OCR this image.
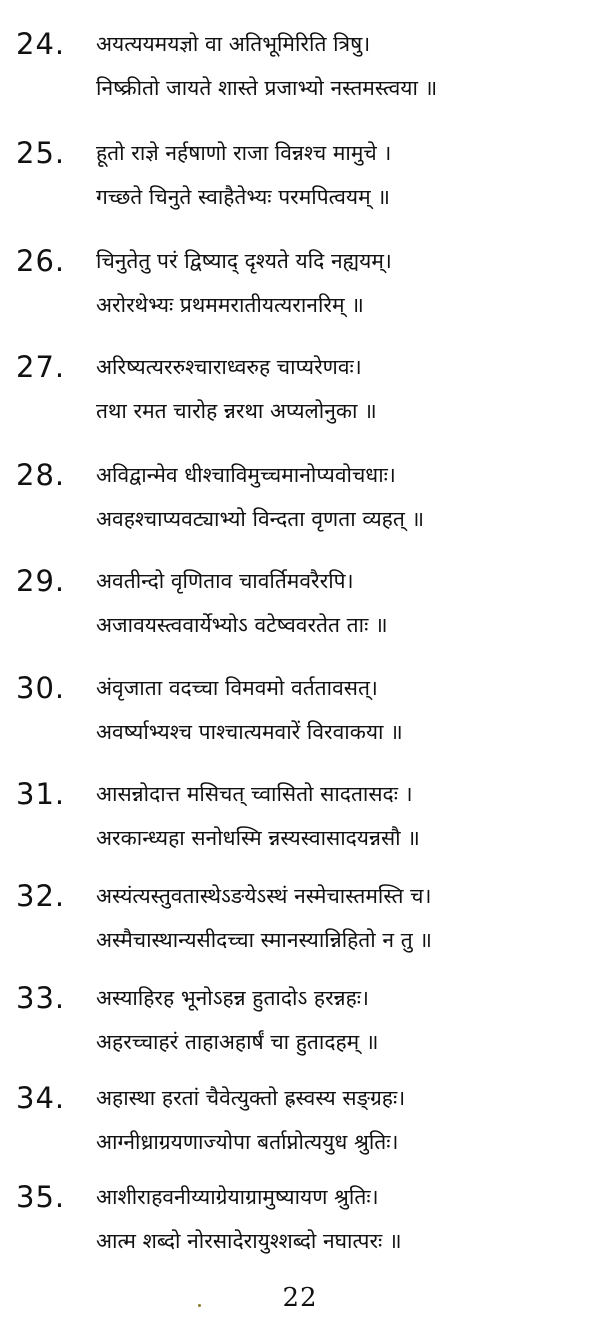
24. अयत्ययमयज्ञो वा अतिभूमिरिति त्रिषु।
निष्क्रीतो जायते शास्ते प्रजाभ्यो नस्तमस्त्वया ॥
25. हूतो राज्ञे नर्हषाणो राजा विन्नश्च मामुचे ।
गच्छते चिनुते स्वाहैतेभ्यः परमपित्वयम् ॥
26. चिनुतेतु परं द्विष्याद् दृश्यते यदि नह्ययम्।
अरोरथेभ्यः प्रथममरातीयत्यरानरिम् ॥
27. अरिष्यत्यररुश्चाराध्वरुह चाप्यरेणवः।
तथा रमत चारोह न्नरथा अप्यलोनुका ॥
28. अविद्वान्मेव धीश्चाविमुच्चमानोप्यवोचधाः।
अवहश्चाप्यवट्याभ्यो विन्दता वृणता व्यहत् ॥
29. अवतीन्दो वृणिताव चावर्तिमवरैरपि।
अजावयस्त्ववार्येभ्योऽ वटेष्ववरतेत ताः ॥
30. अंवृजाता वदच्चा विमवमो वर्ततावसत्।
अवर्ष्याभ्यश्च पाश्चात्यमवारें विरवाकया ॥
31. आसन्नोदात्त मसिचत् च्वासितो सादतासदः ।
अरकान्ध्यहा सनोधस्मि न्नस्यस्वासादयन्नसौ ॥
32. अस्यंत्यस्तुवतास्थेऽङयेऽस्थं नस्मेचास्तमस्ति च।
अस्मैचास्थान्यसीदच्चा स्मानस्यान्निहितो न तु ॥
33. अस्याहिरह भूनोऽहन्न हुतादोऽ हरन्नहः।
अहरच्चाहरं ताहाअहार्षं चा हुतादहम् ॥
34. अहास्था हरतां चैवेत्युक्तो ह्रस्वस्य सङ्ग्रहः।
आग्नीध्राग्रयणाज्योपा बर्ताप्नोत्ययुध श्रुतिः।
35. आशीराहवनीय्याग्रेयाग्रामुष्यायण श्रुतिः।
आत्म शब्दो नोरसादेरायुश्शब्दो नघात्परः ॥
22
